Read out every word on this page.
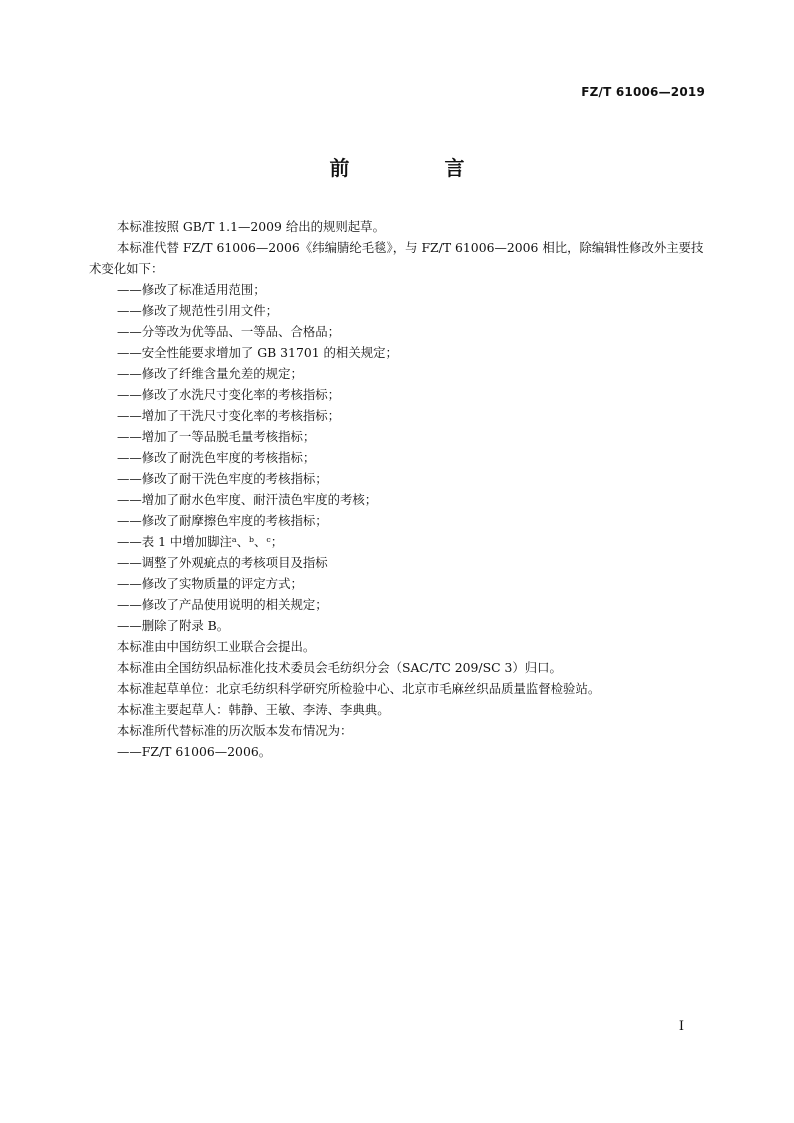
FZ/T 61006—2019
前 言

本标准按照 GB/T 1.1—2009 给出的规则起草。

本标准代替 FZ/T 61006—2006《纬编腈纶毛毯》，与 FZ/T 61006—2006 相比，除编辑性修改外主要技术变化如下：

——修改了标准适用范围；

——修改了规范性引用文件；

——分等改为优等品、一等品、合格品；

——安全性能要求增加了 GB 31701 的相关规定；

——修改了纤维含量允差的规定；

——修改了水洗尺寸变化率的考核指标；

——增加了干洗尺寸变化率的考核指标；

——增加了一等品脱毛量考核指标；

——修改了耐洗色牢度的考核指标；

——修改了耐干洗色牢度的考核指标；

——增加了耐水色牢度、耐汗渍色牢度的考核；

——修改了耐摩擦色牢度的考核指标；

——表 1 中增加脚注ᵃ、ᵇ、ᶜ；

——调整了外观疵点的考核项目及指标

——修改了实物质量的评定方式；

——修改了产品使用说明的相关规定；

——删除了附录 B。

本标准由中国纺织工业联合会提出。

本标准由全国纺织品标准化技术委员会毛纺织分会（SAC/TC 209/SC 3）归口。

本标准起草单位：北京毛纺织科学研究所检验中心、北京市毛麻丝织品质量监督检验站。

本标准主要起草人：韩静、王敏、李涛、李典典。

本标准所代替标准的历次版本发布情况为：

——FZ/T 61006—2006。

I
